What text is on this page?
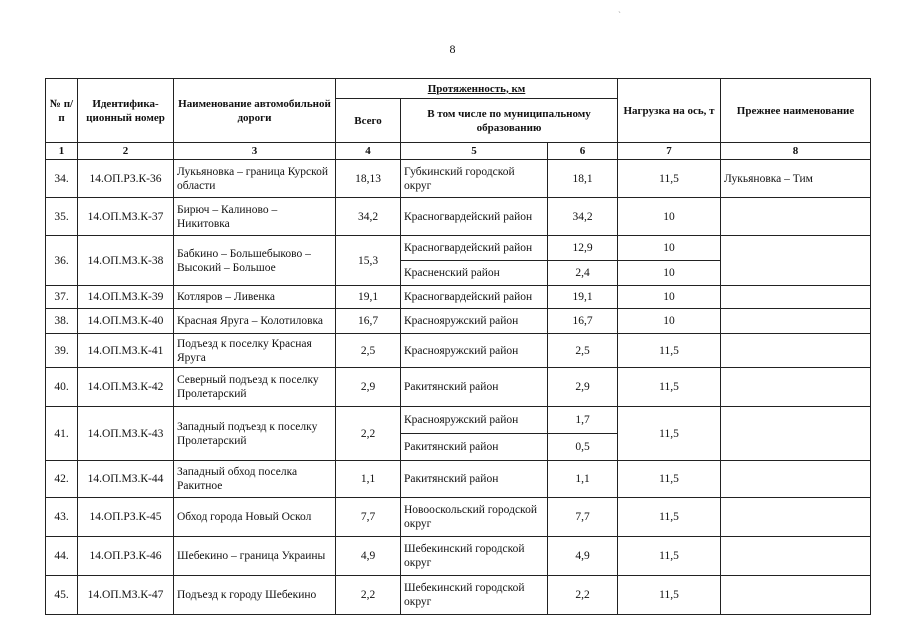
8
ˋ
№ п/п	Идентифика-ционный номер	Наименование автомобильной дороги	Протяженность, км			Нагрузка на ось, т	Прежнее наименование
			Всего	В том числе по муниципальному образованию			
1	2	3	4	5	6	7	8
34.	14.ОП.РЗ.К-36	Лукьяновка – граница Курской области	18,13	Губкинский городской округ	18,1	11,5	Лукьяновка – Тим
35.	14.ОП.МЗ.К-37	Бирюч – Калиново – Никитовка	34,2	Красногвардейский район	34,2	10	
36.	14.ОП.МЗ.К-38	Бабкино – Большебыково – Высокий – Большое	15,3	Красногвардейский район	12,9	10	
				Красненский район	2,4	10	
37.	14.ОП.МЗ.К-39	Котляров – Ливенка	19,1	Красногвардейский район	19,1	10	
38.	14.ОП.МЗ.К-40	Красная Яруга – Колотиловка	16,7	Краснояружский район	16,7	10	
39.	14.ОП.МЗ.К-41	Подъезд к поселку Красная Яруга	2,5	Краснояружский район	2,5	11,5	
40.	14.ОП.МЗ.К-42	Северный подъезд к поселку Пролетарский	2,9	Ракитянский район	2,9	11,5	
41.	14.ОП.МЗ.К-43	Западный подъезд к поселку Пролетарский	2,2	Краснояружский район	1,7	11,5	
				Ракитянский район	0,5		
42.	14.ОП.МЗ.К-44	Западный обход поселка Ракитное	1,1	Ракитянский район	1,1	11,5	
43.	14.ОП.РЗ.К-45	Обход города Новый Оскол	7,7	Новооскольский городской округ	7,7	11,5	
44.	14.ОП.РЗ.К-46	Шебекино – граница Украины	4,9	Шебекинский городской округ	4,9	11,5	
45.	14.ОП.МЗ.К-47	Подъезд к городу Шебекино	2,2	Шебекинский городской округ	2,2	11,5	
